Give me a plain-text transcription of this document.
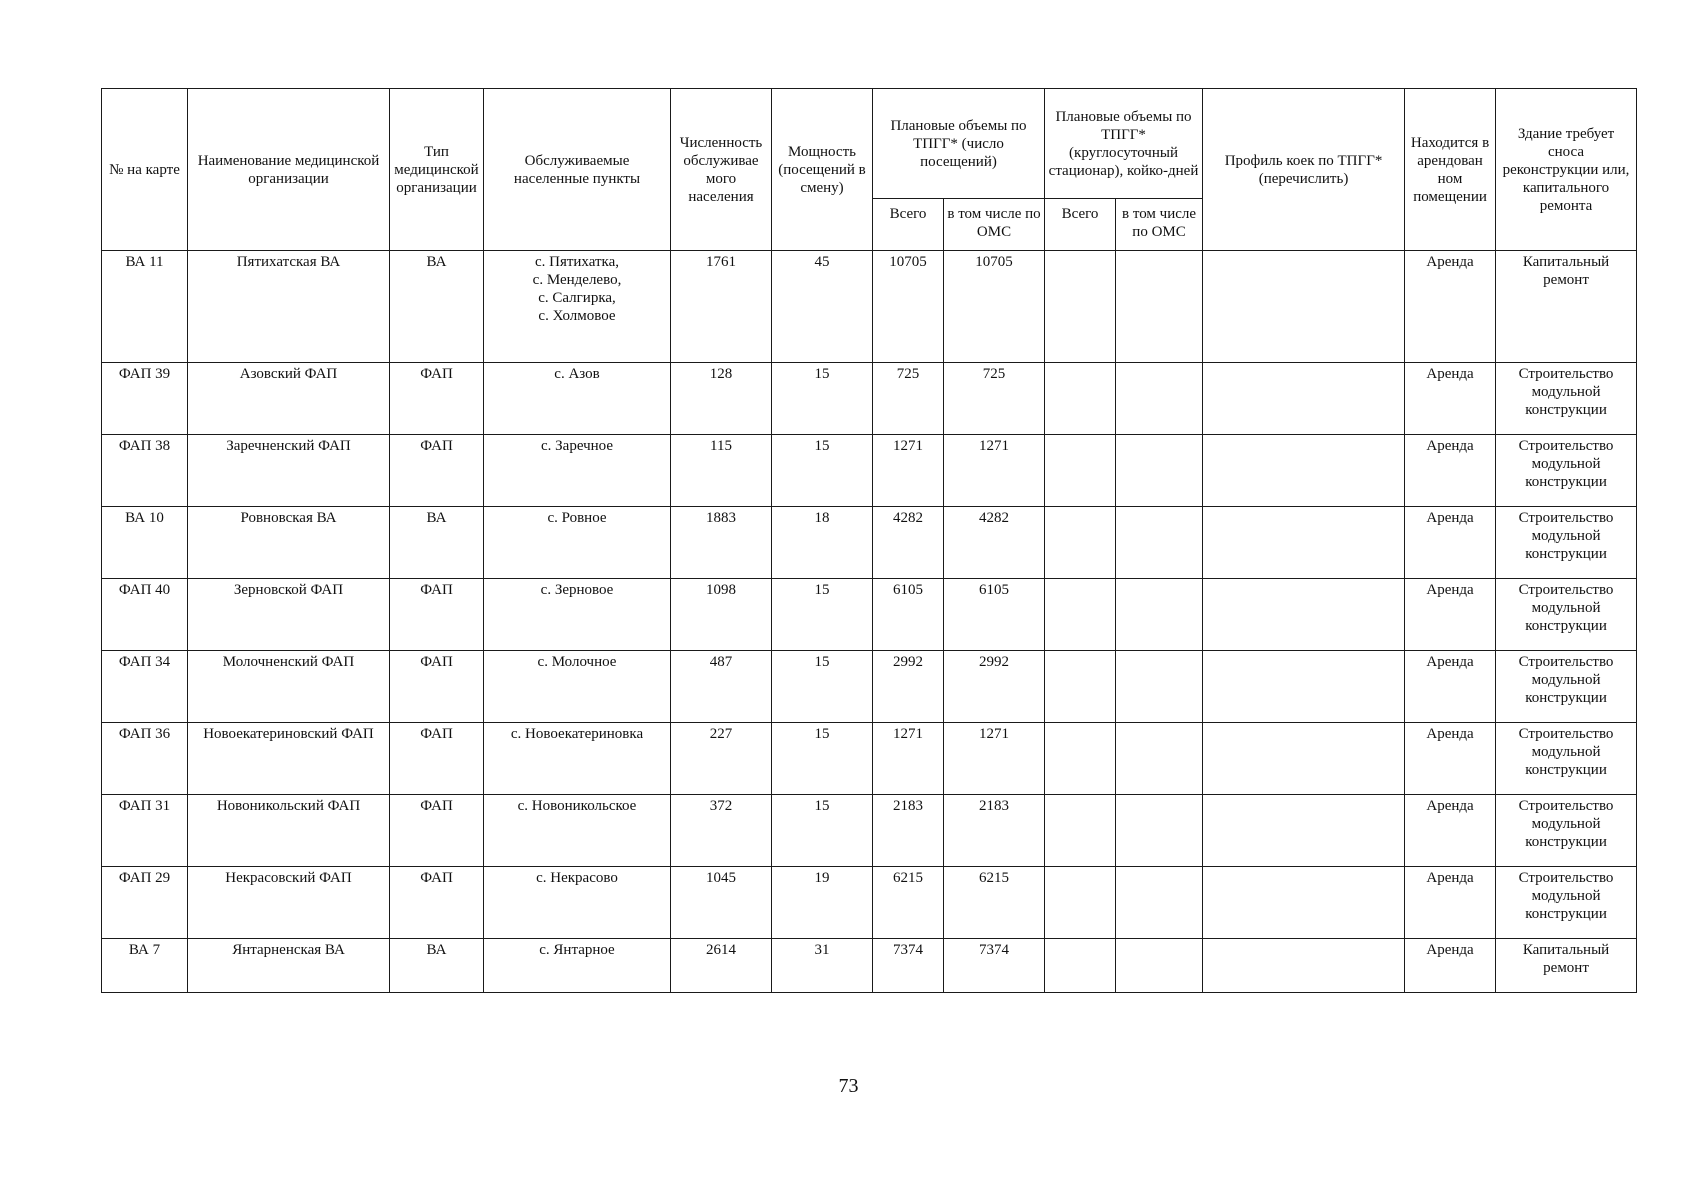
№ на карте	Наименование медицинской организации	Тип медицинской организации	Обслуживаемые населенные пункты	Численность обслуживае мого населения	Мощность (посещений в смену)	Плановые объемы по ТПГГ* (число посещений)		Плановые объемы по ТПГГ* (круглосуточный стационар), койко-дней		Профиль коек по ТПГГ* (перечислить)	Находится в арендован ном помещении	Здание требует сноса реконструкции или, капитального ремонта
						Всего	в том числе по ОМС	Всего	в том числе по ОМС			
ВА 11	Пятихатская ВА	ВА	с. Пятихатка,
с. Менделево,
с. Салгирка,
с. Холмовое	1761	45	10705	10705				Аренда	Капитальный
ремонт

ФАП 39	Азовский ФАП	ФАП	с. Азов	128	15	725	725				Аренда	Строительство
модульной
конструкции

ФАП 38	Заречненский ФАП	ФАП	с. Заречное	115	15	1271	1271				Аренда	Строительство
модульной
конструкции

ВА 10	Ровновская ВА	ВА	с. Ровное	1883	18	4282	4282				Аренда	Строительство
модульной
конструкции

ФАП 40	Зерновской ФАП	ФАП	с. Зерновое	1098	15	6105	6105				Аренда	Строительство
модульной
конструкции

ФАП 34	Молочненский ФАП	ФАП	с. Молочное	487	15	2992	2992				Аренда	Строительство
модульной
конструкции

ФАП 36	Новоекатериновский ФАП	ФАП	с. Новоекатериновка	227	15	1271	1271				Аренда	Строительство
модульной
конструкции

ФАП 31	Новоникольский ФАП	ФАП	с. Новоникольское	372	15	2183	2183				Аренда	Строительство
модульной
конструкции

ФАП 29	Некрасовский ФАП	ФАП	с. Некрасово	1045	19	6215	6215				Аренда	Строительство
модульной
конструкции

ВА 7	Янтарненская ВА	ВА	с. Янтарное	2614	31	7374	7374				Аренда	Капитальный
ремонт
73
